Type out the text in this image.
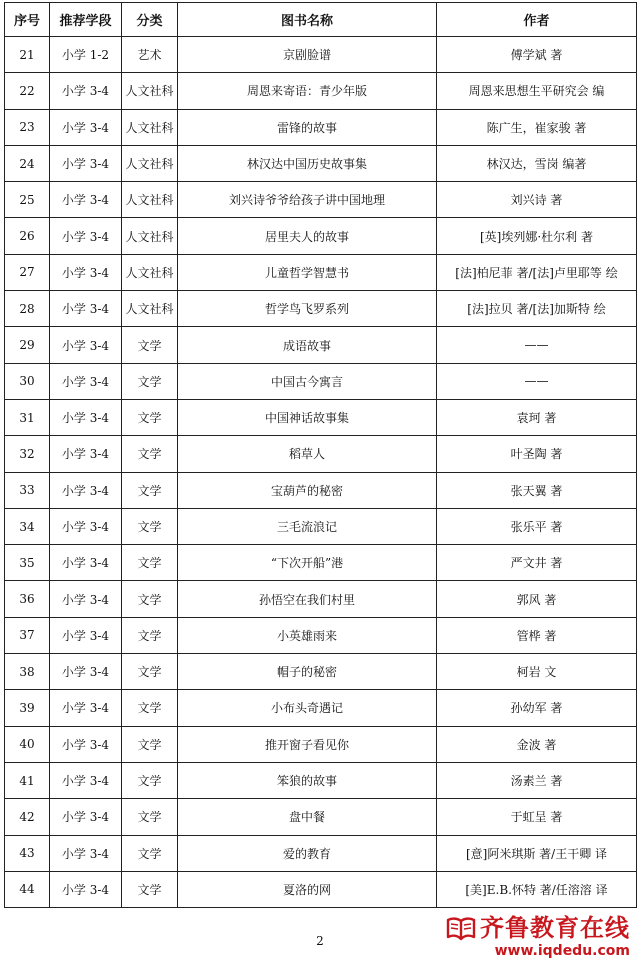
序号	推荐学段	分类	图书名称	作者
21	小学 1-2	艺术	京剧脸谱	傅学斌 著
22	小学 3-4	人文社科	周恩来寄语：青少年版	周恩来思想生平研究会 编
23	小学 3-4	人文社科	雷锋的故事	陈广生，崔家骏 著
24	小学 3-4	人文社科	林汉达中国历史故事集	林汉达，雪岗 编著
25	小学 3-4	人文社科	刘兴诗爷爷给孩子讲中国地理	刘兴诗 著
26	小学 3-4	人文社科	居里夫人的故事	[英]埃列娜·杜尔利 著
27	小学 3-4	人文社科	儿童哲学智慧书	[法]柏尼菲 著/[法]卢里耶等 绘
28	小学 3-4	人文社科	哲学鸟飞罗系列	[法]拉贝 著/[法]加斯特 绘
29	小学 3-4	文学	成语故事	——
30	小学 3-4	文学	中国古今寓言	——
31	小学 3-4	文学	中国神话故事集	袁珂 著
32	小学 3-4	文学	稻草人	叶圣陶 著
33	小学 3-4	文学	宝葫芦的秘密	张天翼 著
34	小学 3-4	文学	三毛流浪记	张乐平 著
35	小学 3-4	文学	“下次开船”港	严文井 著
36	小学 3-4	文学	孙悟空在我们村里	郭风 著
37	小学 3-4	文学	小英雄雨来	管桦 著
38	小学 3-4	文学	帽子的秘密	柯岩 文
39	小学 3-4	文学	小布头奇遇记	孙幼军 著
40	小学 3-4	文学	推开窗子看见你	金波 著
41	小学 3-4	文学	笨狼的故事	汤素兰 著
42	小学 3-4	文学	盘中餐	于虹呈 著
43	小学 3-4	文学	爱的教育	[意]阿米琪斯 著/王干卿 译
44	小学 3-4	文学	夏洛的网	[美]E.B.怀特 著/任溶溶 译
2	齐鲁教育在线
www.iqdedu.com
